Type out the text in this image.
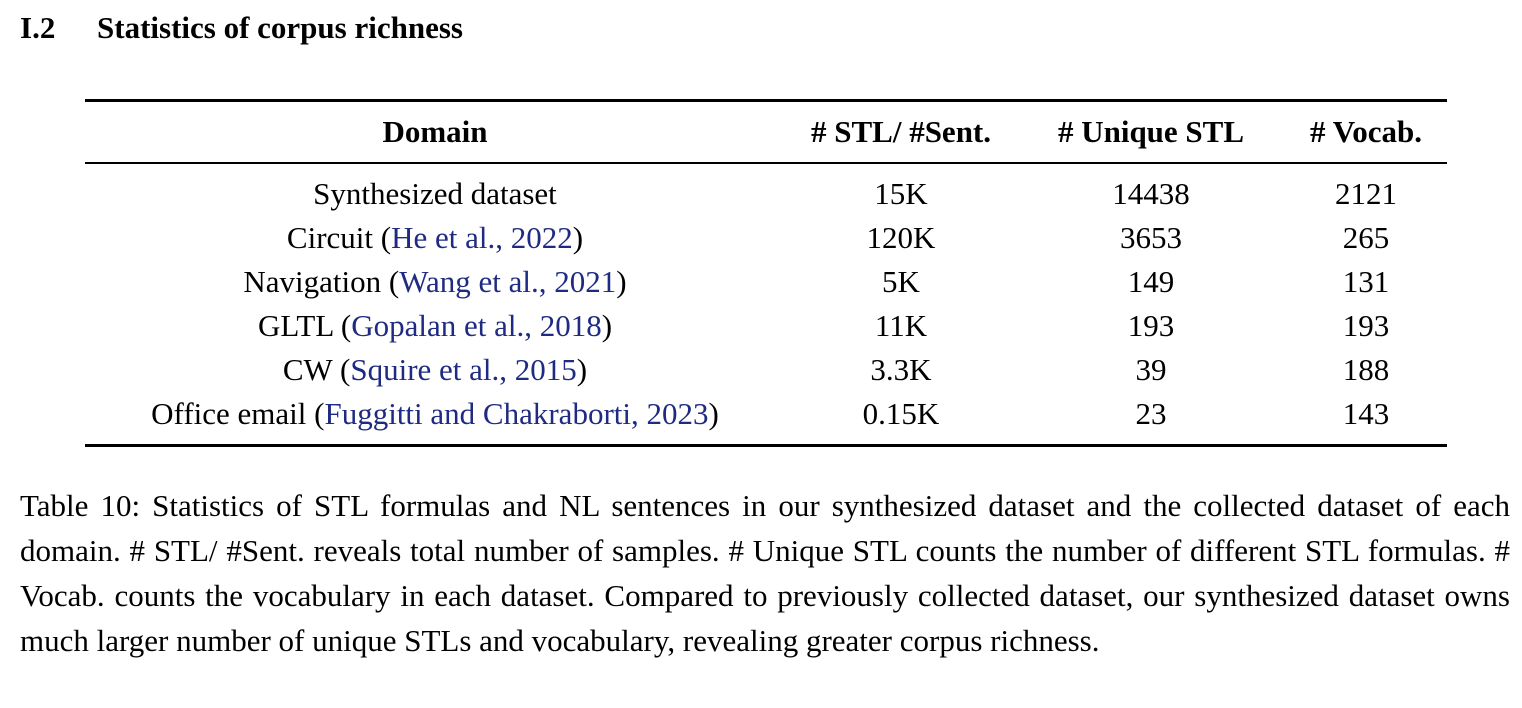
I.2 Statistics of corpus richness
Domain	# STL/ #Sent.	# Unique STL	# Vocab.
Synthesized dataset	15K	14438	2121
Circuit (He et al., 2022)	120K	3653	265
Navigation (Wang et al., 2021)	5K	149	131
GLTL (Gopalan et al., 2018)	11K	193	193
CW (Squire et al., 2015)	3.3K	39	188
Office email (Fuggitti and Chakraborti, 2023)	0.15K	23	143
Table 10: Statistics of STL formulas and NL sentences in our synthesized dataset and the collected dataset of each domain. # STL/ #Sent. reveals total number of samples. # Unique STL counts the number of different STL formulas. # Vocab. counts the vocabulary in each dataset. Compared to previously collected dataset, our synthesized dataset owns much larger number of unique STLs and vocabulary, revealing greater corpus richness.
